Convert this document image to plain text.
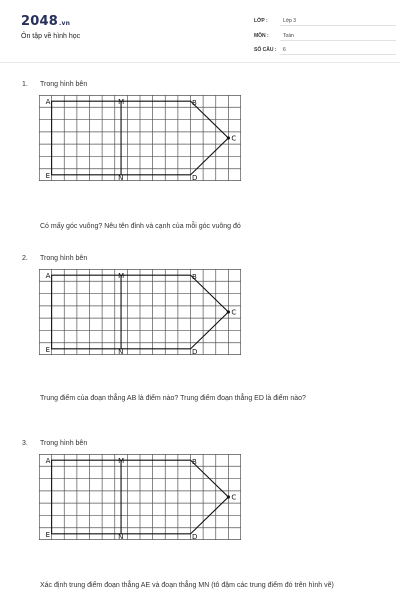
2048.vn
Ôn tập về hình học
LỚP :	Lớp 3
MÔN :	Toán
SỐ CÂU : 6
1. Trong hình bên
A	M	B
C
D
N
E
Có mấy góc vuông? Nêu tên đỉnh và cạnh của mỗi góc vuông đó
2. Trong hình bên
A	M	B
C
D
N
E
Trung điểm của đoạn thẳng AB là điểm nào? Trung điểm đoạn thẳng ED là điểm nào?
3. Trong hình bên
A	M	B
C
D
N
E
Xác định trung điểm đoạn thẳng AE và đoạn thẳng MN (tô đậm các trung điểm đó trên hình vẽ)
